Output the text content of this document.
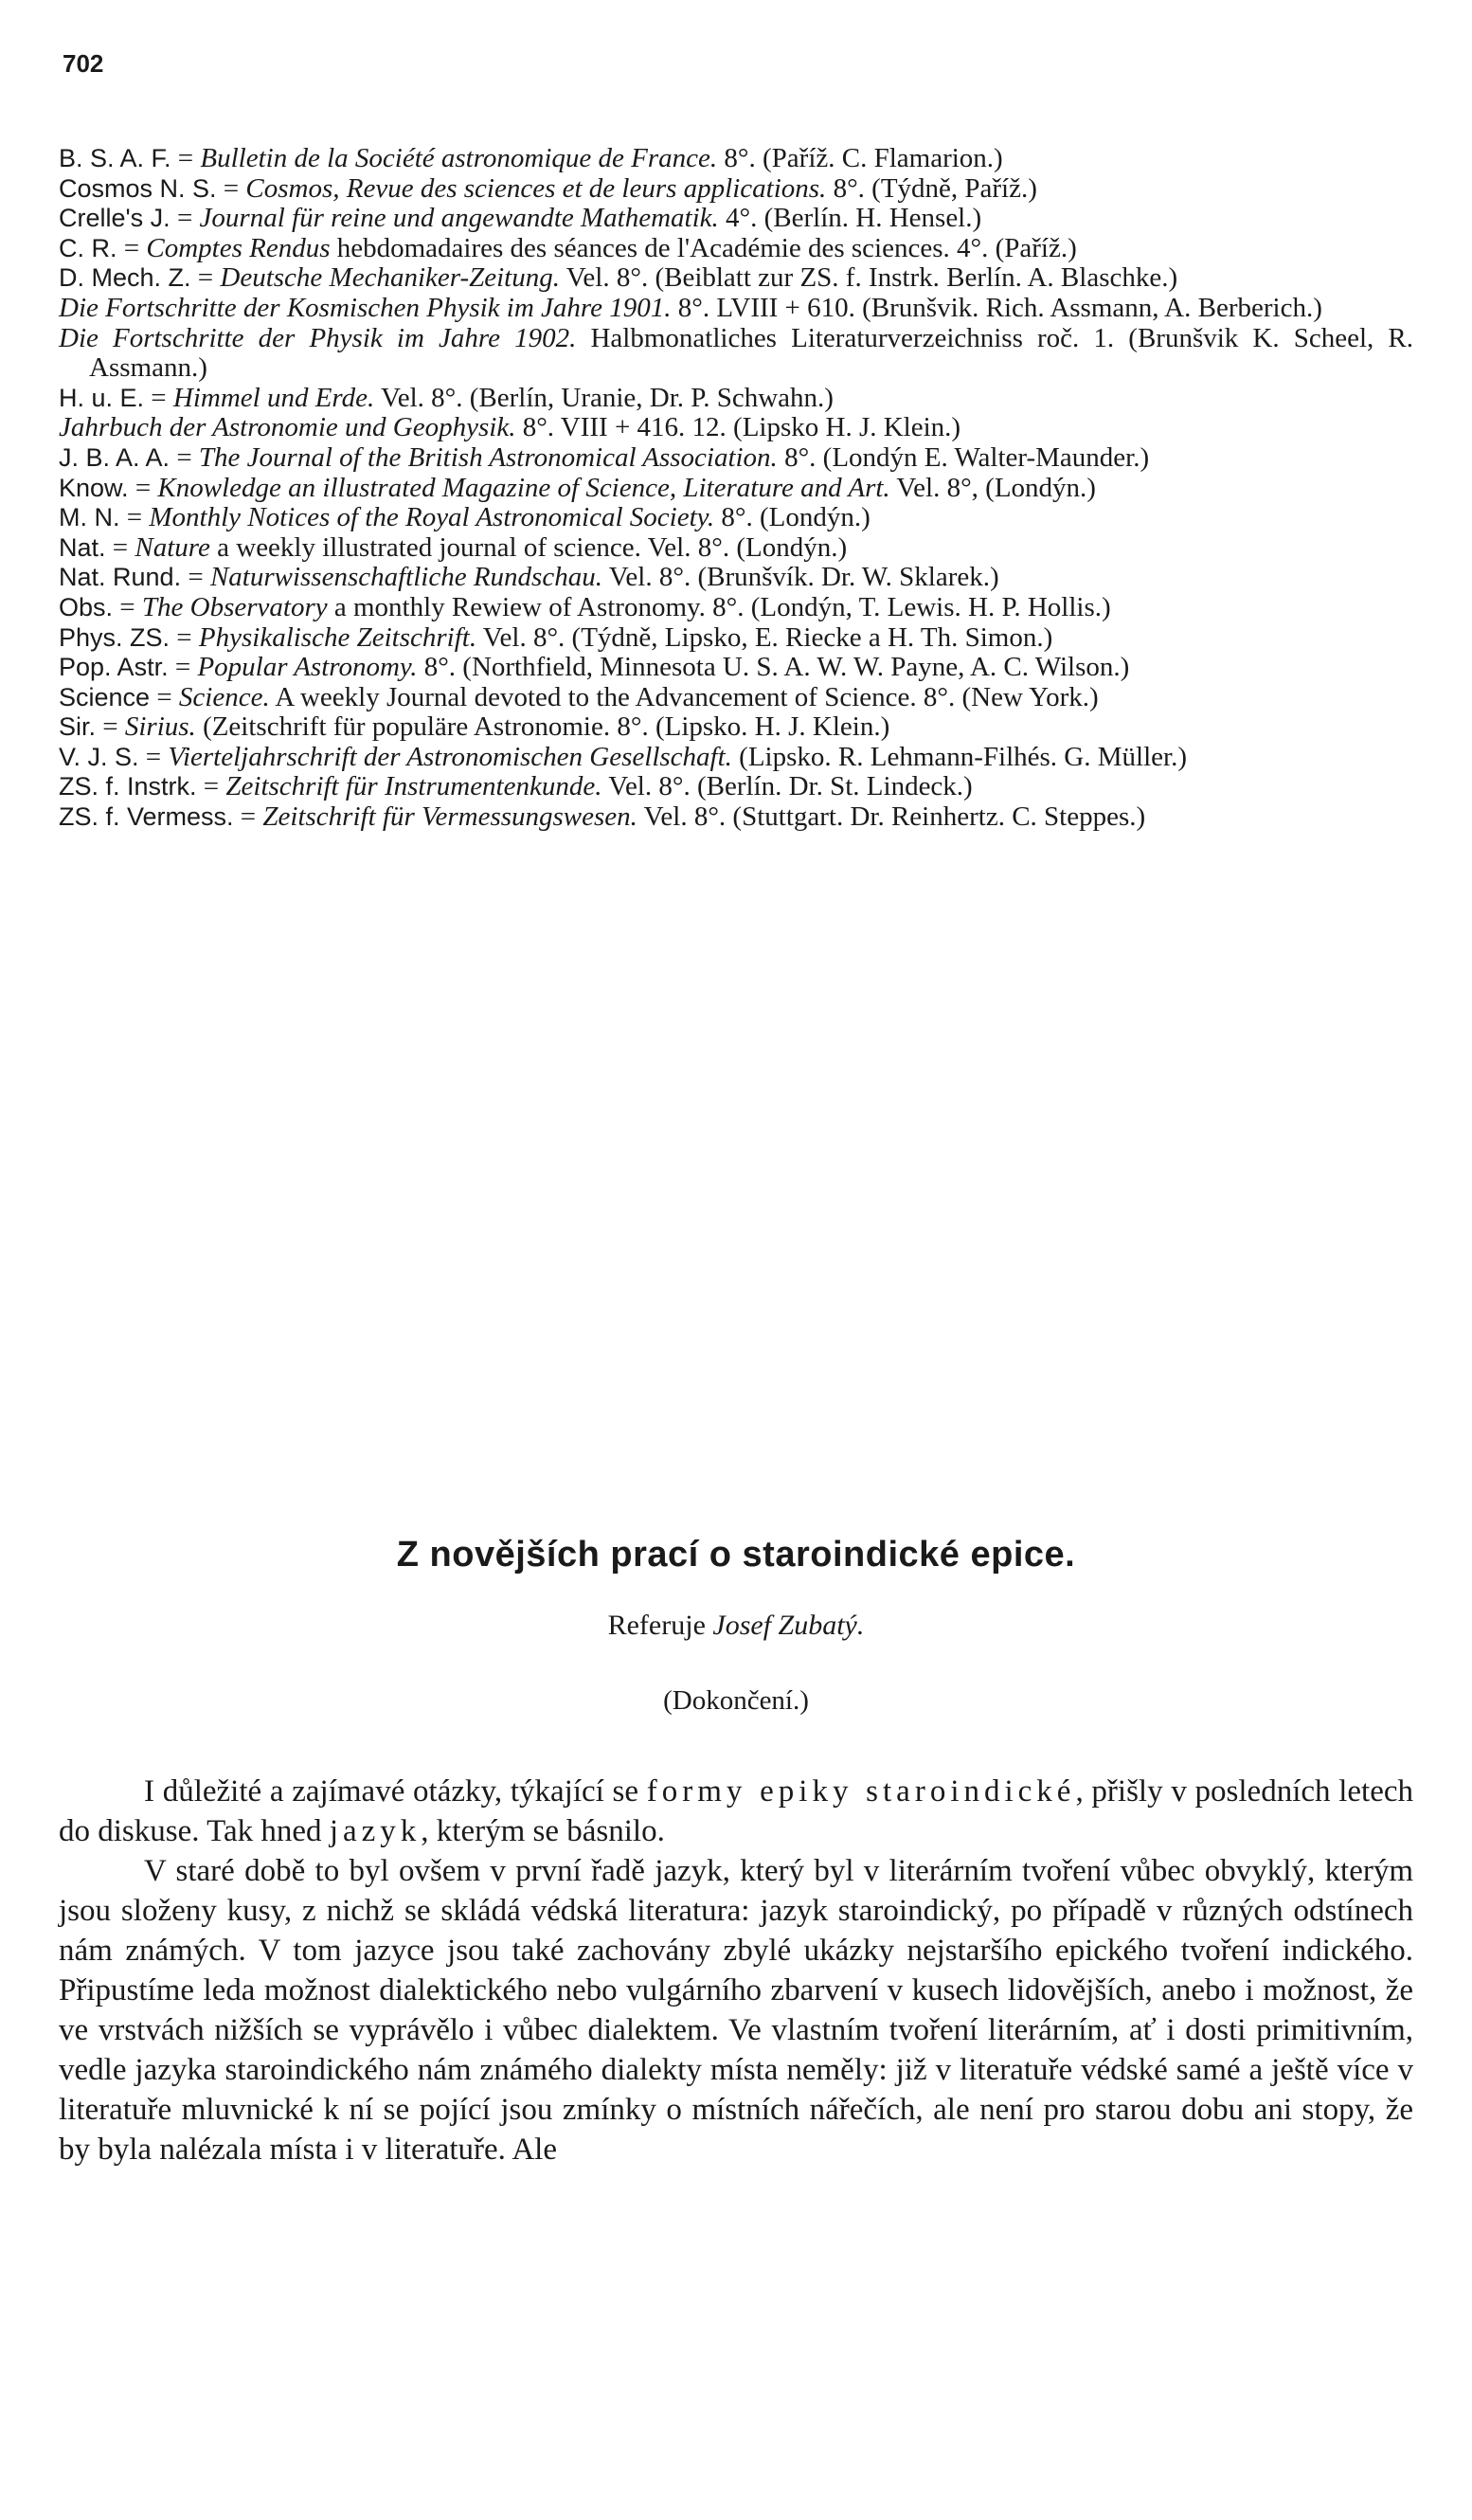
702

B. S. A. F. = Bulletin de la Société astronomique de France. 8°. (Paříž. C. Flamarion.)

Cosmos N. S. = Cosmos, Revue des sciences et de leurs applications. 8°. (Týdně, Paříž.)

Crelle's J. = Journal für reine und angewandte Mathematik. 4°. (Berlín. H. Hensel.)

C. R. = Comptes Rendus hebdomadaires des séances de l'Académie des sciences. 4°. (Paříž.)

D. Mech. Z. = Deutsche Mechaniker-Zeitung. Vel. 8°. (Beiblatt zur ZS. f. Instrk. Berlín. A. Blaschke.)

Die Fortschritte der Kosmischen Physik im Jahre 1901. 8°. LVIII + 610. (Brunšvik. Rich. Assmann, A. Berberich.)

Die Fortschritte der Physik im Jahre 1902. Halbmonatliches Literaturverzeichniss roč. 1. (Brunšvik K. Scheel, R. Assmann.)

H. u. E. = Himmel und Erde. Vel. 8°. (Berlín, Uranie, Dr. P. Schwahn.)

Jahrbuch der Astronomie und Geophysik. 8°. VIII + 416. 12. (Lipsko H. J. Klein.)

J. B. A. A. = The Journal of the British Astronomical Association. 8°. (Londýn E. Walter-Maunder.)

Know. = Knowledge an illustrated Magazine of Science, Literature and Art. Vel. 8°, (Londýn.)

M. N. = Monthly Notices of the Royal Astronomical Society. 8°. (Londýn.)

Nat. = Nature a weekly illustrated journal of science. Vel. 8°. (Londýn.)

Nat. Rund. = Naturwissenschaftliche Rundschau. Vel. 8°. (Brunšvík. Dr. W. Sklarek.)

Obs. = The Observatory a monthly Rewiew of Astronomy. 8°. (Londýn, T. Lewis. H. P. Hollis.)

Phys. ZS. = Physikalische Zeitschrift. Vel. 8°. (Týdně, Lipsko, E. Riecke a H. Th. Simon.)

Pop. Astr. = Popular Astronomy. 8°. (Northfield, Minnesota U. S. A. W. W. Payne, A. C. Wilson.)

Science = Science. A weekly Journal devoted to the Advancement of Science. 8°. (New York.)

Sir. = Sirius. (Zeitschrift für populäre Astronomie. 8°. (Lipsko. H. J. Klein.)

V. J. S. = Vierteljahrschrift der Astronomischen Gesellschaft. (Lipsko. R. Lehmann-Filhés. G. Müller.)

ZS. f. Instrk. = Zeitschrift für Instrumentenkunde. Vel. 8°. (Berlín. Dr. St. Lindeck.)

ZS. f. Vermess. = Zeitschrift für Vermessungswesen. Vel. 8°. (Stuttgart. Dr. Reinhertz. C. Steppes.)

Z novějších prací o staroindické epice.

Referuje Josef Zubatý.

(Dokončení.)

I důležité a zajímavé otázky, týkající se formy epiky staroindické, přišly v posledních letech do diskuse. Tak hned jazyk, kterým se básnilo.

V staré době to byl ovšem v první řadě jazyk, který byl v literárním tvoření vůbec obvyklý, kterým jsou složeny kusy, z nichž se skládá védská literatura: jazyk staroindický, po případě v různých odstínech nám známých. V tom jazyce jsou také zachovány zbylé ukázky nejstaršího epického tvoření indického. Připustíme leda možnost dialektického nebo vulgárního zbarvení v kusech lidovějších, anebo i možnost, že ve vrstvách nižších se vyprávělo i vůbec dialektem. Ve vlastním tvoření literárním, ať i dosti primitivním, vedle jazyka staroindického nám známého dialekty místa neměly: již v literatuře védské samé a ještě více v literatuře mluvnické k ní se pojící jsou zmínky o místních nářečích, ale není pro starou dobu ani stopy, že by byla nalézala místa i v literatuře. Ale
